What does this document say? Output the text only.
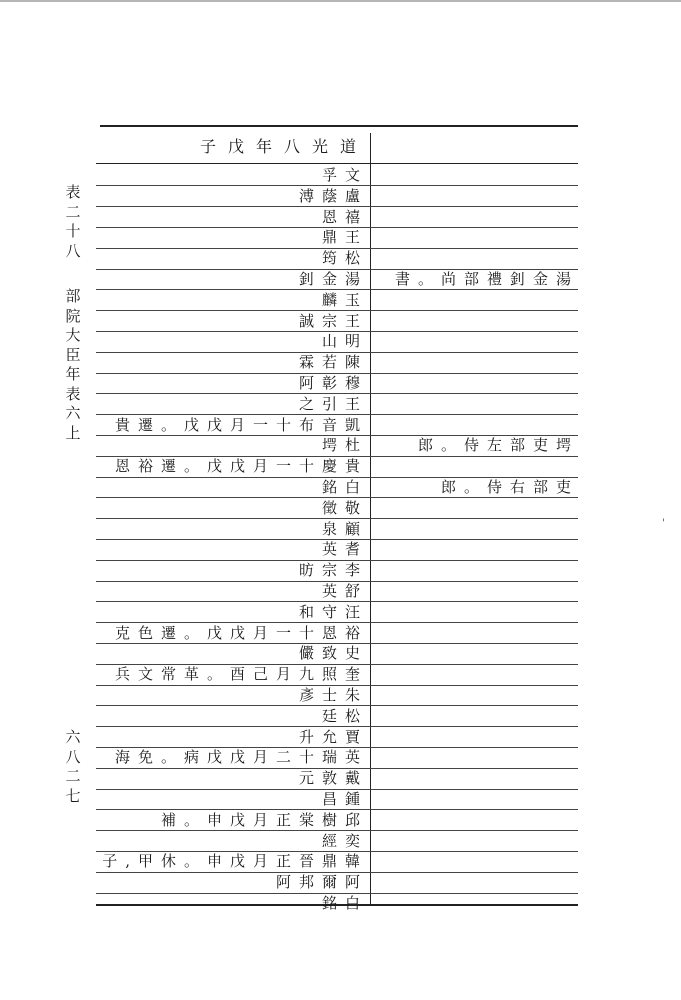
表
二
十
八
部
院
大
臣
年
表
六
上
六
八
二
七
子戊年八光道
孚文
溥蔭盧
恩禧
鼎王
筠松
釗金湯	書。尚部禮釗金湯
麟玉
誠宗王
山明
霖若陳
阿彰穆
之引王
貴遷。戊戊月一十布音凱
堮杜	郎。侍左部吏堮
恩裕遷。戊戊月一十慶貴
銘白	郎。侍右部吏
徵敬
泉顧
英耆
昉宗李
英舒
和守汪
克色遷。戊戊月一十恩裕
儼致史
兵文常革。酉己月九照奎
彥士朱
廷松
升允賈
海免。病戊戊月二十瑞英
元敦戴
昌鍾
補。申戊月正棠樹邱
經奕
子,甲休。申戊月正晉鼎韓
阿邦爾阿
銘白
'
